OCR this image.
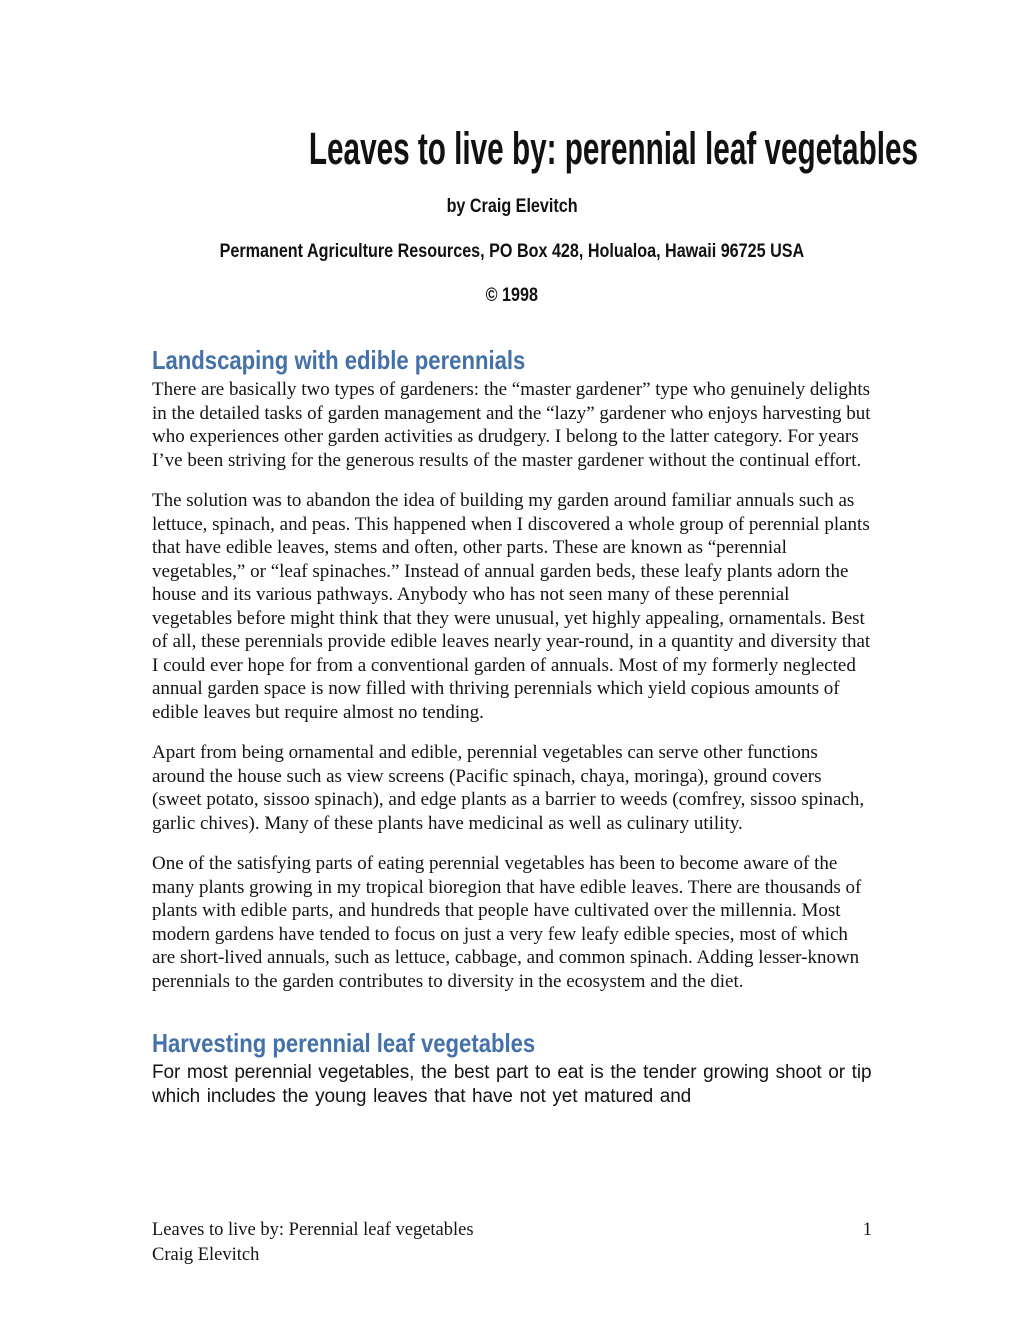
Leaves to live by: perennial leaf vegetables
by Craig Elevitch
Permanent Agriculture Resources, PO Box 428, Holualoa, Hawaii 96725 USA
© 1998
Landscaping with edible perennials

There are basically two types of gardeners: the “master gardener” type who genuinely delights in the detailed tasks of garden management and the “lazy” gardener who enjoys harvesting but who experiences other garden activities as drudgery. I belong to the latter category. For years I’ve been striving for the generous results of the master gardener without the continual effort.

The solution was to abandon the idea of building my garden around familiar annuals such as lettuce, spinach, and peas. This happened when I discovered a whole group of perennial plants that have edible leaves, stems and often, other parts. These are known as “perennial vegetables,” or “leaf spinaches.” Instead of annual garden beds, these leafy plants adorn the house and its various pathways. Anybody who has not seen many of these perennial vegetables before might think that they were unusual, yet highly appealing, ornamentals. Best of all, these perennials provide edible leaves nearly year-round, in a quantity and diversity that I could ever hope for from a conventional garden of annuals. Most of my formerly neglected annual garden space is now filled with thriving perennials which yield copious amounts of edible leaves but require almost no tending.

Apart from being ornamental and edible, perennial vegetables can serve other functions around the house such as view screens (Pacific spinach, chaya, moringa), ground covers (sweet potato, sissoo spinach), and edge plants as a barrier to weeds (comfrey, sissoo spinach, garlic chives). Many of these plants have medicinal as well as culinary utility.

One of the satisfying parts of eating perennial vegetables has been to become aware of the many plants growing in my tropical bioregion that have edible leaves. There are thousands of plants with edible parts, and hundreds that people have cultivated over the millennia. Most modern gardens have tended to focus on just a very few leafy edible species, most of which are short-lived annuals, such as lettuce, cabbage, and common spinach. Adding lesser-known perennials to the garden contributes to diversity in the ecosystem and the diet.

Harvesting perennial leaf vegetables

For most perennial vegetables, the best part to eat is the tender growing shoot or tip which includes the young leaves that have not yet matured and

Leaves to live by: Perennial leaf vegetables	1
Craig Elevitch
